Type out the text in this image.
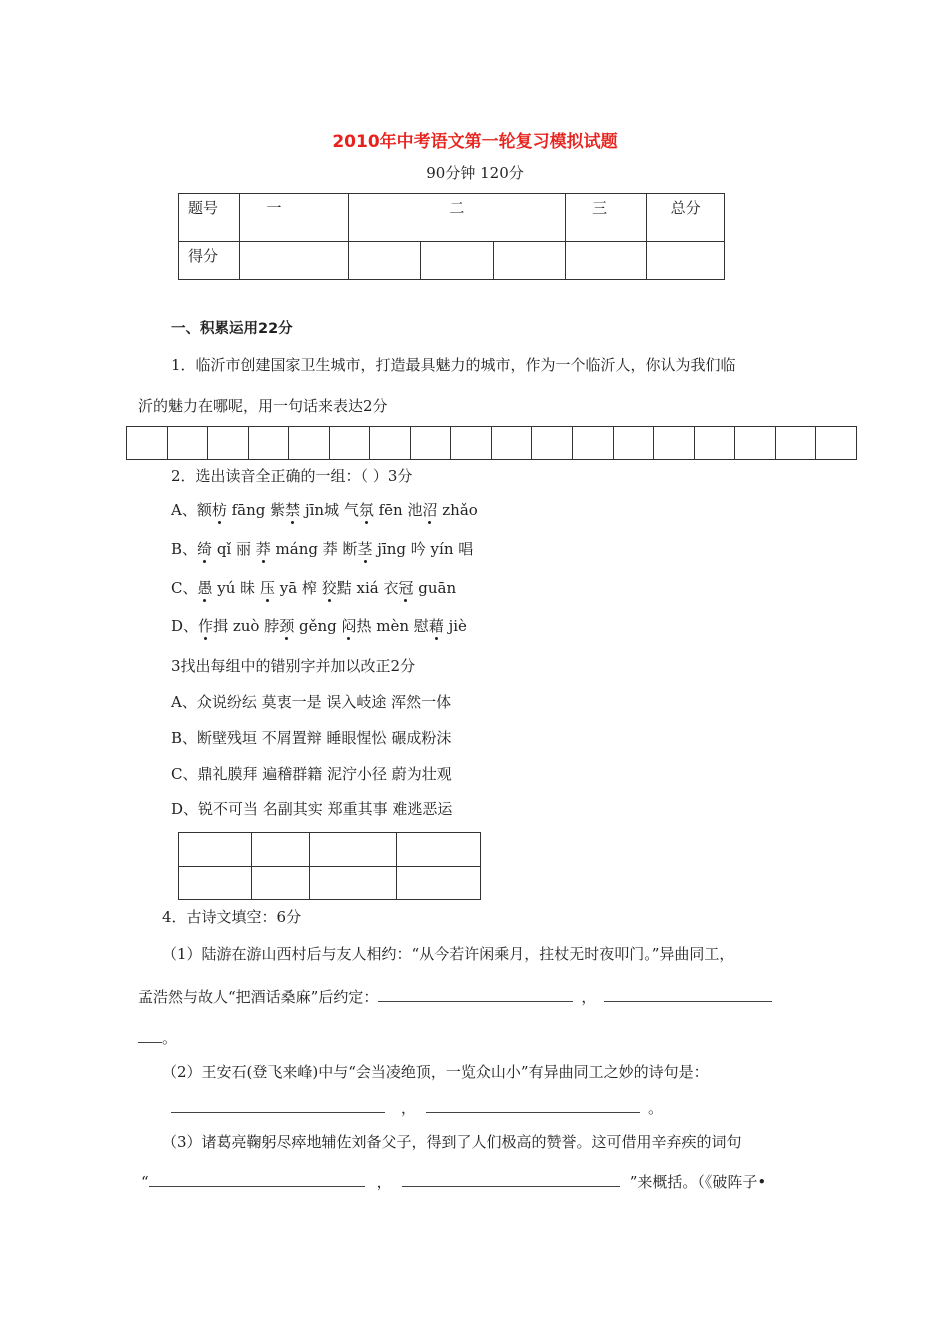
2010年中考语文第一轮复习模拟试题
90分钟 120分
题号	一	二			三	总分
得分						
一、积累运用22分
1．临沂市创建国家卫生城市，打造最具魅力的城市，作为一个临沂人，你认为我们临
沂的魅力在哪呢，用一句话来表达2分

2．选出读音全正确的一组：（ ）3分
A、额枋 fāng 紫禁 jīn城 气氛 fēn 池沼 zhǎo
B、绮 qǐ 丽 莽 máng 莽 断茎 jīng 吟 yín 唱
C、愚 yú 昧 压 yā 榨 狡黠 xiá 衣冠 guān
D、作揖 zuò 脖颈 gěng 闷热 mèn 慰藉 jiè
3找出每组中的错别字并加以改正2分
A、众说纷纭 莫衷一是 误入岐途 浑然一体
B、断壁残垣 不屑置辩 睡眼惺忪 碾成粉沫
C、鼎礼膜拜 遍稽群籍 泥泞小径 蔚为壮观
D、锐不可当 名副其实 郑重其事 难逃恶运

4．古诗文填空：6分
（1）陆游在游山西村后与友人相约：“从今若许闲乘月，拄杖无时夜叩门。”异曲同工，
孟浩然与故人“把酒话桑麻”后约定：	，
。
（2）王安石(登飞来峰)中与“会当凌绝顶，一览众山小”有异曲同工之妙的诗句是：
，	。
（3）诸葛亮鞠躬尽瘁地辅佐刘备父子，得到了人们极高的赞誉。这可借用辛弃疾的词句
“	，	”来概括。（《破阵子•
